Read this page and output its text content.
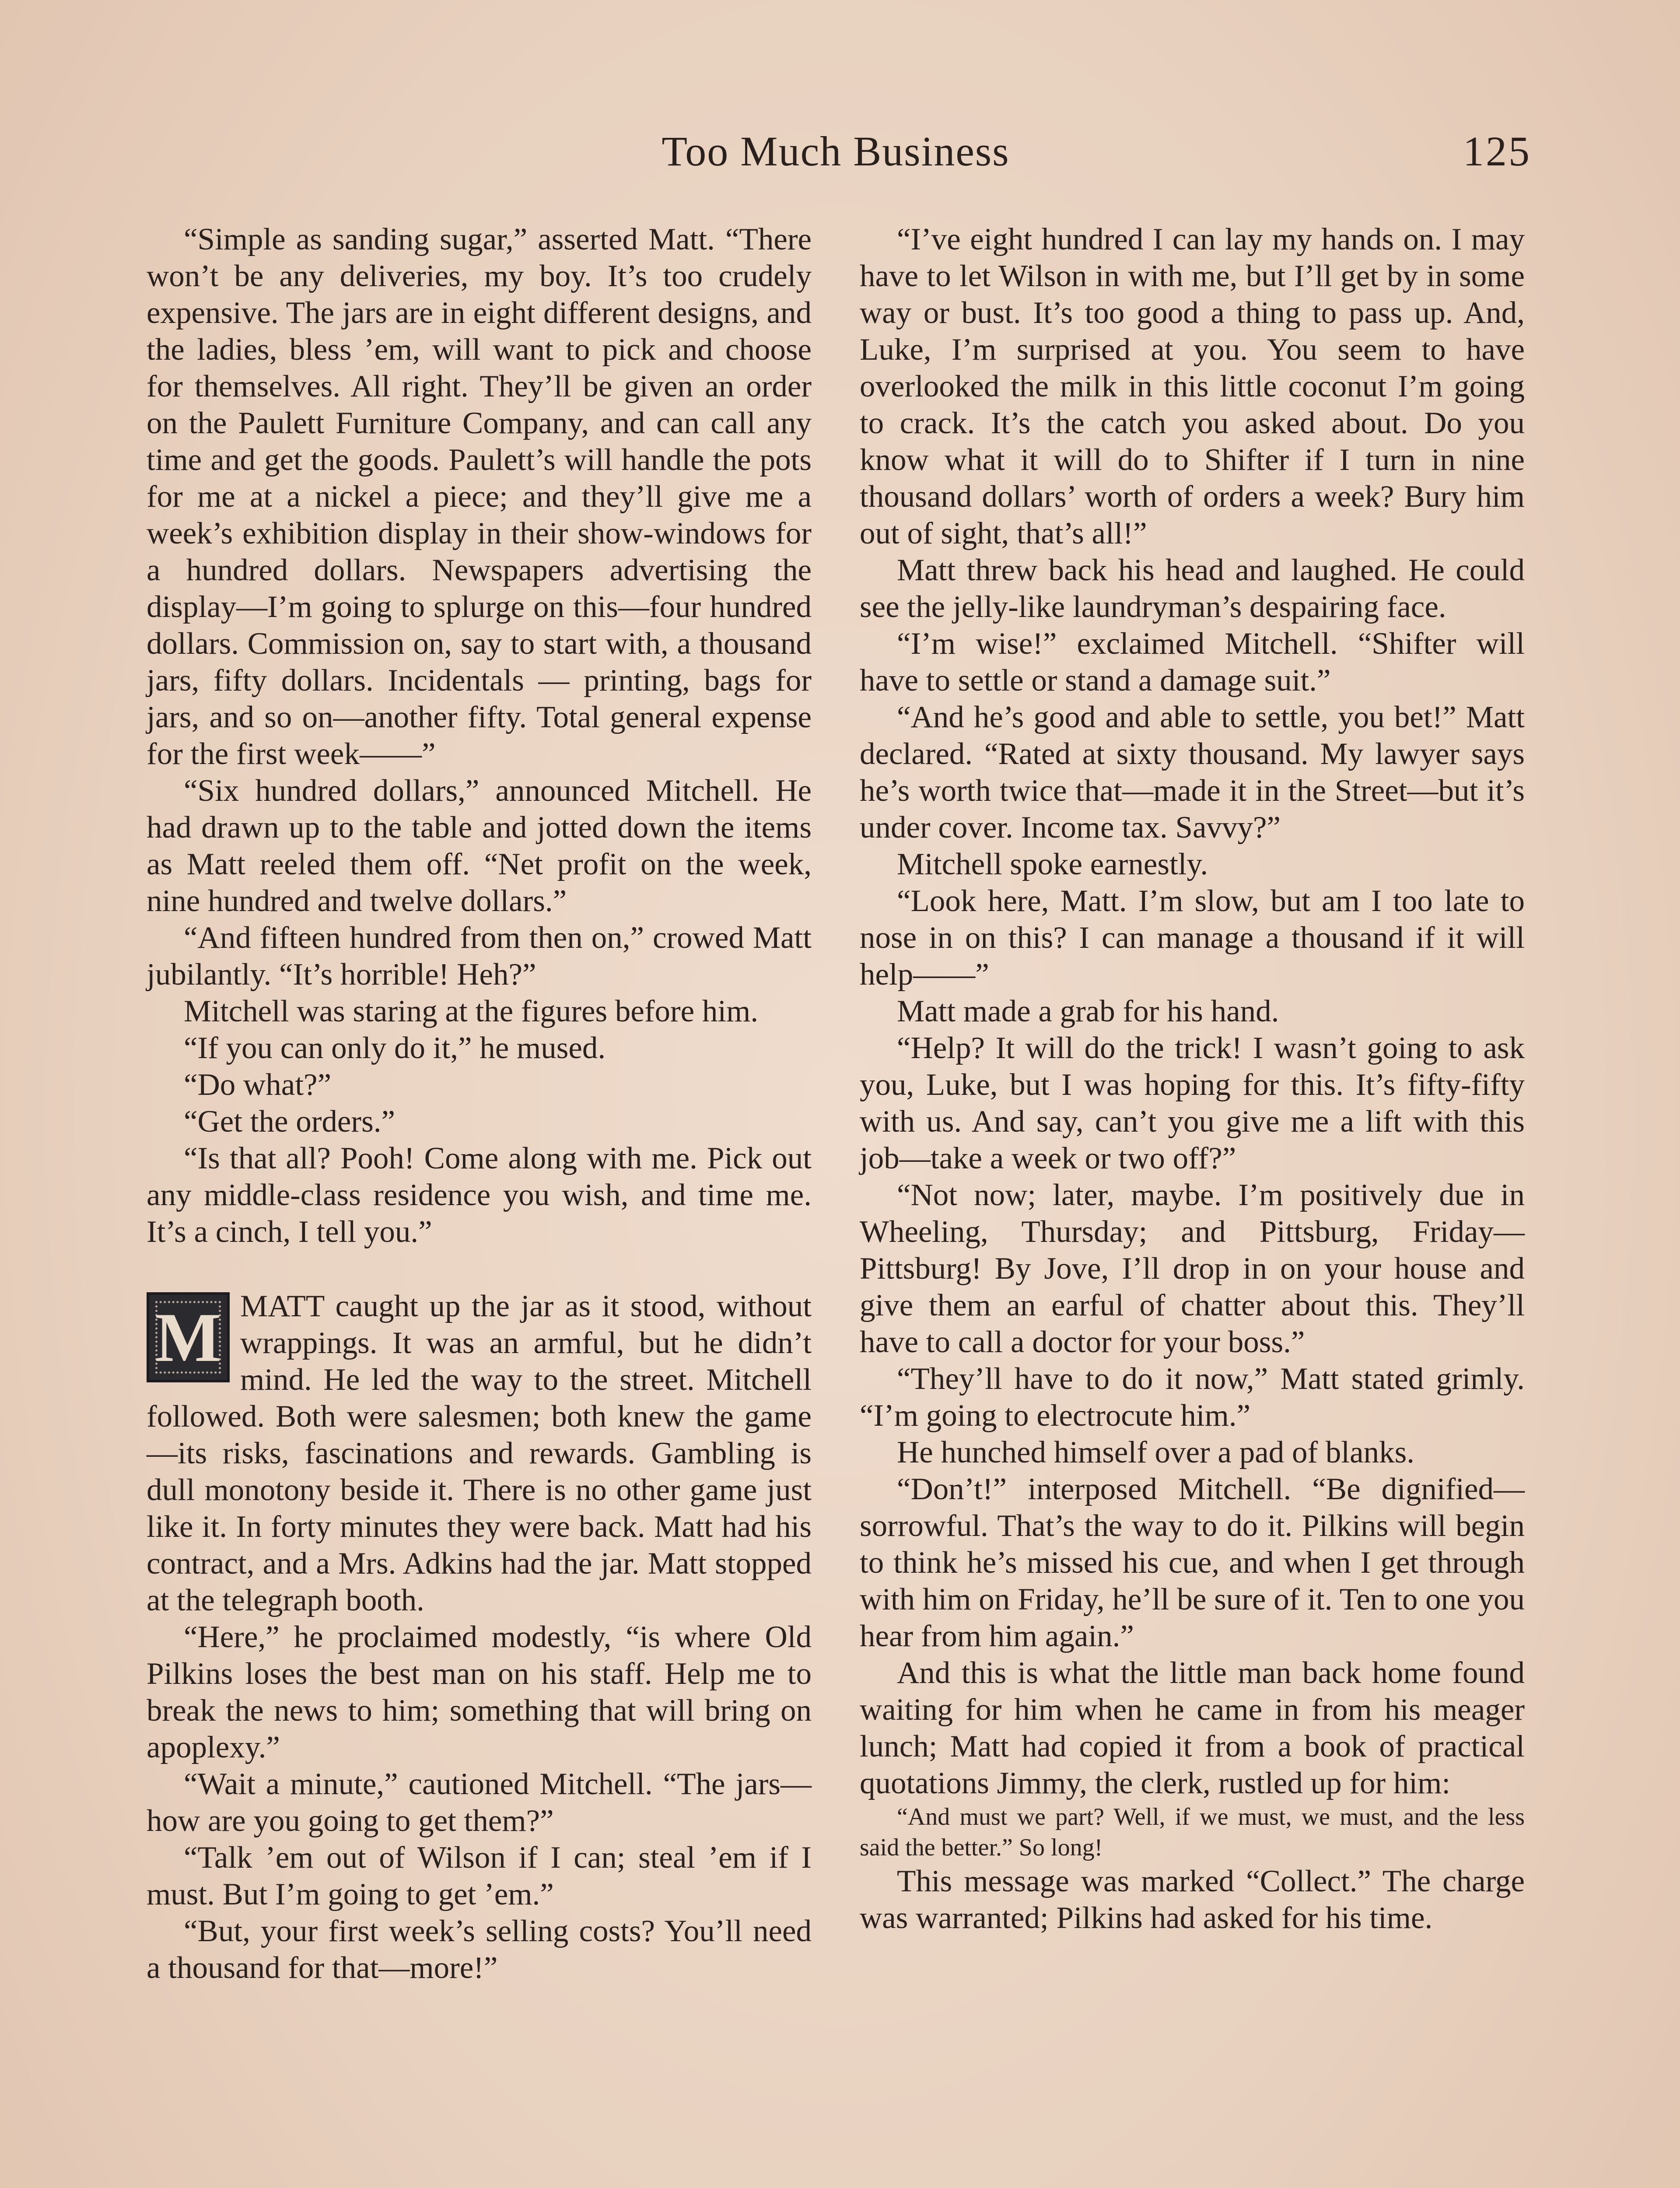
Too Much Business	125

“Simple as sanding sugar,” asserted Matt. “There won’t be any deliveries, my boy. It’s too crudely expensive. The jars are in eight different designs, and the ladies, bless ’em, will want to pick and choose for themselves. All right. They’ll be given an order on the Paulett Furniture Company, and can call any time and get the goods. Paulett’s will handle the pots for me at a nickel a piece; and they’ll give me a week’s exhibition display in their show-windows for a hundred dollars. Newspapers advertising the display—I’m going to splurge on this—four hundred dollars. Commission on, say to start with, a thousand jars, fifty dollars. Incidentals — printing, bags for jars, and so on—another fifty. Total general expense for the first week——”

“Six hundred dollars,” announced Mitchell. He had drawn up to the table and jotted down the items as Matt reeled them off. “Net profit on the week, nine hundred and twelve dollars.”

“And fifteen hundred from then on,” crowed Matt jubilantly. “It’s horrible! Heh?”

Mitchell was staring at the figures before him.

“If you can only do it,” he mused.

“Do what?”

“Get the orders.”

“Is that all? Pooh! Come along with me. Pick out any middle-class residence you wish, and time me. It’s a cinch, I tell you.”

M MATT caught up the jar as it stood, without wrappings. It was an armful, but he didn’t mind. He led the way to the street. Mitchell followed. Both were salesmen; both knew the game—its risks, fascinations and rewards. Gambling is dull monotony beside it. There is no other game just like it. In forty minutes they were back. Matt had his contract, and a Mrs. Adkins had the jar. Matt stopped at the telegraph booth.

“Here,” he proclaimed modestly, “is where Old Pilkins loses the best man on his staff. Help me to break the news to him; something that will bring on apoplexy.”

“Wait a minute,” cautioned Mitchell. “The jars—how are you going to get them?”

“Talk ’em out of Wilson if I can; steal ’em if I must. But I’m going to get ’em.”

“But, your first week’s selling costs? You’ll need a thousand for that—more!”

“I’ve eight hundred I can lay my hands on. I may have to let Wilson in with me, but I’ll get by in some way or bust. It’s too good a thing to pass up. And, Luke, I’m surprised at you. You seem to have overlooked the milk in this little coconut I’m going to crack. It’s the catch you asked about. Do you know what it will do to Shifter if I turn in nine thousand dollars’ worth of orders a week? Bury him out of sight, that’s all!”

Matt threw back his head and laughed. He could see the jelly-like laundryman’s despairing face.

“I’m wise!” exclaimed Mitchell. “Shifter will have to settle or stand a damage suit.”

“And he’s good and able to settle, you bet!” Matt declared. “Rated at sixty thousand. My lawyer says he’s worth twice that—made it in the Street—but it’s under cover. Income tax. Savvy?”

Mitchell spoke earnestly.

“Look here, Matt. I’m slow, but am I too late to nose in on this? I can manage a thousand if it will help——”

Matt made a grab for his hand.

“Help? It will do the trick! I wasn’t going to ask you, Luke, but I was hoping for this. It’s fifty-fifty with us. And say, can’t you give me a lift with this job—take a week or two off?”

“Not now; later, maybe. I’m positively due in Wheeling, Thursday; and Pittsburg, Friday—Pittsburg! By Jove, I’ll drop in on your house and give them an earful of chatter about this. They’ll have to call a doctor for your boss.”

“They’ll have to do it now,” Matt stated grimly. “I’m going to electrocute him.”

He hunched himself over a pad of blanks.

“Don’t!” interposed Mitchell. “Be dignified—sorrowful. That’s the way to do it. Pilkins will begin to think he’s missed his cue, and when I get through with him on Friday, he’ll be sure of it. Ten to one you hear from him again.”

And this is what the little man back home found waiting for him when he came in from his meager lunch; Matt had copied it from a book of practical quotations Jimmy, the clerk, rustled up for him:

“And must we part? Well, if we must, we must, and the less said the better.” So long!

This message was marked “Collect.” The charge was warranted; Pilkins had asked for his time.
